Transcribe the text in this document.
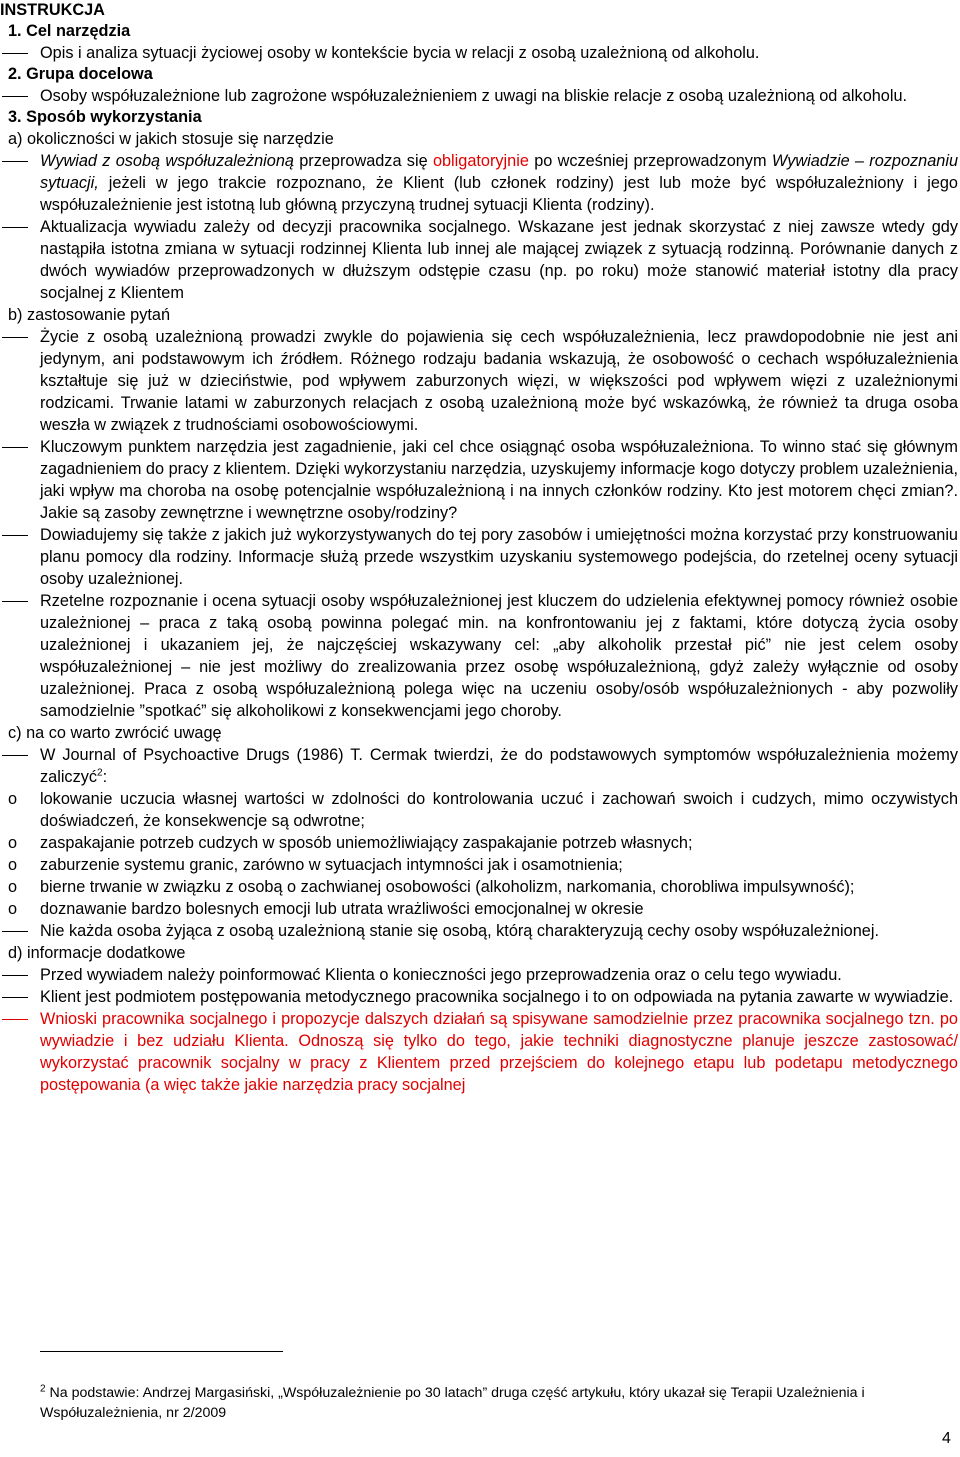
INSTRUKCJA
1. Cel narzędzia
Opis i analiza sytuacji życiowej osoby w kontekście bycia w relacji z osobą uzależnioną od alkoholu.
2. Grupa docelowa
Osoby współuzależnione lub zagrożone współuzależnieniem z uwagi na bliskie relacje z osobą uzależnioną od alkoholu.
3. Sposób wykorzystania
a) okoliczności w jakich stosuje się narzędzie
Wywiad z osobą współuzależnioną przeprowadza się obligatoryjnie po wcześniej przeprowadzonym Wywiadzie – rozpoznaniu sytuacji, jeżeli w jego trakcie rozpoznano, że Klient (lub członek rodziny) jest lub może być współuzależniony i jego współuzależnienie jest istotną lub główną przyczyną trudnej sytuacji Klienta (rodziny).
Aktualizacja wywiadu zależy od decyzji pracownika socjalnego. Wskazane jest jednak skorzystać z niej zawsze wtedy gdy nastąpiła istotna zmiana w sytuacji rodzinnej Klienta lub innej ale mającej związek z sytuacją rodzinną. Porównanie danych z dwóch wywiadów przeprowadzonych w dłuższym odstępie czasu (np. po roku) może stanowić materiał istotny dla pracy socjalnej z Klientem
b) zastosowanie pytań
Życie z osobą uzależnioną prowadzi zwykle do pojawienia się cech współuzależnienia, lecz prawdopodobnie nie jest ani jedynym, ani podstawowym ich źródłem. Różnego rodzaju badania wskazują, że osobowość o cechach współuzależnienia kształtuje się już w dzieciństwie, pod wpływem zaburzonych więzi, w większości pod wpływem więzi z uzależnionymi rodzicami. Trwanie latami w zaburzonych relacjach z osobą uzależnioną może być wskazówką, że również ta druga osoba weszła w związek z trudnościami osobowościowymi.
Kluczowym punktem narzędzia jest zagadnienie, jaki cel chce osiągnąć osoba współuzależniona. To winno stać się głównym zagadnieniem do pracy z klientem. Dzięki wykorzystaniu narzędzia, uzyskujemy informacje kogo dotyczy problem uzależnienia, jaki wpływ ma choroba na osobę potencjalnie współuzależnioną i na innych członków rodziny. Kto jest motorem chęci zmian?. Jakie są zasoby zewnętrzne i wewnętrzne osoby/rodziny?
Dowiadujemy się także z jakich już wykorzystywanych do tej pory zasobów i umiejętności można korzystać przy konstruowaniu planu pomocy dla rodziny. Informacje służą przede wszystkim uzyskaniu systemowego podejścia, do rzetelnej oceny sytuacji osoby uzależnionej.
Rzetelne rozpoznanie i ocena sytuacji osoby współuzależnionej jest kluczem do udzielenia efektywnej pomocy również osobie uzależnionej – praca z taką osobą powinna polegać min. na konfrontowaniu jej z faktami, które dotyczą życia osoby uzależnionej i ukazaniem jej, że najczęściej wskazywany cel: „aby alkoholik przestał pić” nie jest celem osoby współuzależnionej – nie jest możliwy do zrealizowania przez osobę współuzależnioną, gdyż zależy wyłącznie od osoby uzależnionej. Praca z osobą współuzależnioną polega więc na uczeniu osoby/osób współuzależnionych - aby pozwoliły samodzielnie ”spotkać” się alkoholikowi z konsekwencjami jego choroby.
c) na co warto zwrócić uwagę
W Journal of Psychoactive Drugs (1986) T. Cermak twierdzi, że do podstawowych symptomów współuzależnienia możemy zaliczyć$^2$:
o lokowanie uczucia własnej wartości w zdolności do kontrolowania uczuć i zachowań swoich i cudzych, mimo oczywistych doświadczeń, że konsekwencje są odwrotne;
o zaspakajanie potrzeb cudzych w sposób uniemożliwiający zaspakajanie potrzeb własnych;
o zaburzenie systemu granic, zarówno w sytuacjach intymności jak i osamotnienia;
o bierne trwanie w związku z osobą o zachwianej osobowości (alkoholizm, narkomania, chorobliwa impulsywność);
o doznawanie bardzo bolesnych emocji lub utrata wrażliwości emocjonalnej w okresie
Nie każda osoba żyjąca z osobą uzależnioną stanie się osobą, którą charakteryzują cechy osoby współuzależnionej.
d) informacje dodatkowe
Przed wywiadem należy poinformować Klienta o konieczności jego przeprowadzenia oraz o celu tego wywiadu.
Klient jest podmiotem postępowania metodycznego pracownika socjalnego i to on odpowiada na pytania zawarte w wywiadzie.
Wnioski pracownika socjalnego i propozycje dalszych działań są spisywane samodzielnie przez pracownika socjalnego tzn. po wywiadzie i bez udziału Klienta. Odnoszą się tylko do tego, jakie techniki diagnostyczne planuje jeszcze zastosować/ wykorzystać pracownik socjalny w pracy z Klientem przed przejściem do kolejnego etapu lub podetapu metodycznego postępowania (a więc także jakie narzędzia pracy socjalnej
$^2$ Na podstawie: Andrzej Margasiński, „Współuzależnienie po 30 latach” druga część artykułu, który ukazał się Terapii Uzależnienia i Współuzależnienia, nr 2/2009
4
